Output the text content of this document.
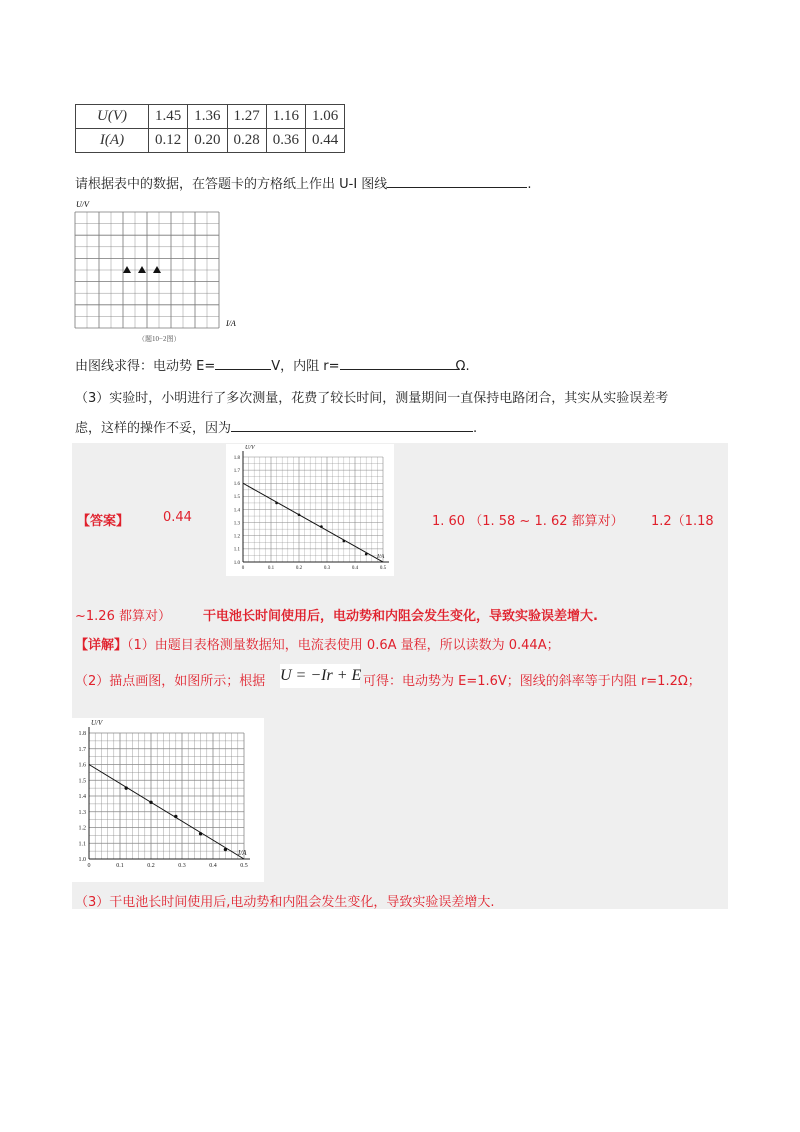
U(V)	1.45	1.36	1.27	1.16	1.06
I(A)	0.12	0.20	0.28	0.36	0.44
请根据表中的数据，在答题卡的方格纸上作出 U-I 图线	.
U/V
I/A
（题10−2图）
由图线求得：电动势 E=	V，内阻 r=	Ω.
（3）实验时，小明进行了多次测量，花费了较长时间，测量期间一直保持电路闭合，其实从实验误差考
虑，这样的操作不妥，因为	.
1.0
1.1
1.2
1.3
1.4
1.5
1.6
1.7
1.8
0	0.1	0.2	0.3	0.4	0.5
U/V
I/A
【答案】	0.44	1. 60 （1. 58 ~ 1. 62 都算对） 1.2（1.18
~1.26 都算对） 干电池长时间使用后，电动势和内阻会发生变化，导致实验误差增大.
【详解】（1）由题目表格测量数据知，电流表使用 0.6A 量程，所以读数为 0.44A；
（2）描点画图，如图所示；根据 U = −Ir + E 可得：电动势为 E=1.6V；图线的斜率等于内阻 r=1.2Ω；
1.0
1.1
1.2
1.3
1.4
1.5
1.6
1.7
1.8
0	0.1	0.2	0.3	0.4	0.5
U/V
I/A
（3）干电池长时间使用后,电动势和内阻会发生变化，导致实验误差增大.
